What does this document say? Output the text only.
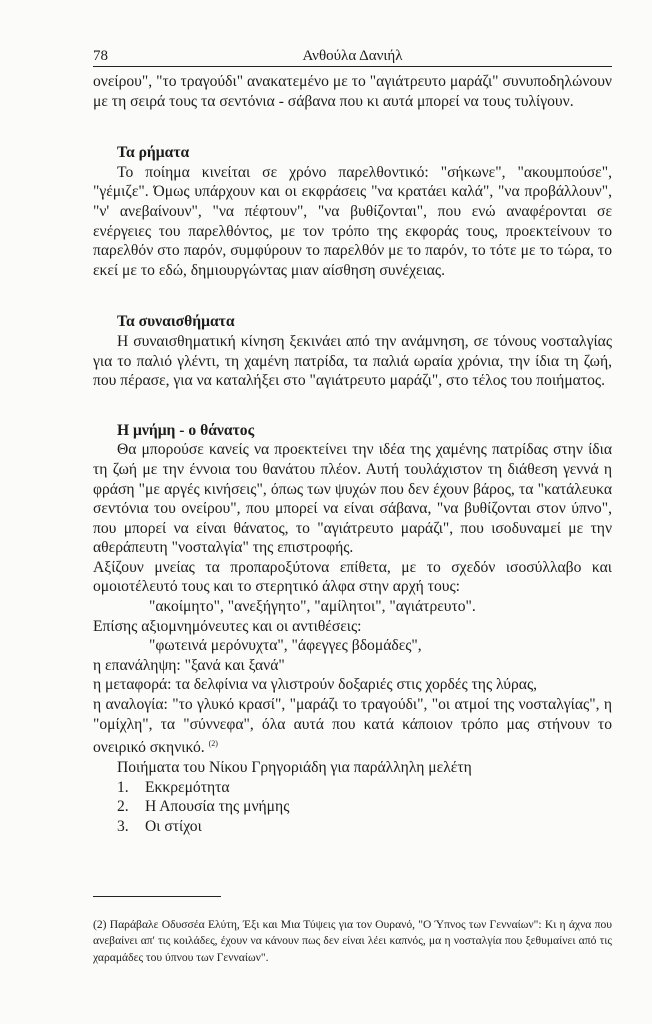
78	Ανθούλα Δανιήλ

ονείρου", "το τραγούδι" ανακατεμένο με το "αγιάτρευτο μαράζι" συνυποδηλώνουν με τη σειρά τους τα σεντόνια - σάβανα που κι αυτά μπορεί να τους τυλίγουν.

Τα ρήματα

Το ποίημα κινείται σε χρόνο παρελθοντικό: "σήκωνε", "ακουμπούσε", "γέμιζε". Όμως υπάρχουν και οι εκφράσεις "να κρατάει καλά", "να προβάλλουν", "ν' ανεβαίνουν", "να πέφτουν", "να βυθίζονται", που ενώ αναφέρονται σε ενέργειες του παρελθόντος, με τον τρόπο της εκφοράς τους, προεκτείνουν το παρελθόν στο παρόν, συμφύρουν το παρελθόν με το παρόν, το τότε με το τώρα, το εκεί με το εδώ, δημιουργώντας μιαν αίσθηση συνέχειας.

Τα συναισθήματα

Η συναισθηματική κίνηση ξεκινάει από την ανάμνηση, σε τόνους νοσταλγίας για το παλιό γλέντι, τη χαμένη πατρίδα, τα παλιά ωραία χρόνια, την ίδια τη ζωή, που πέρασε, για να καταλήξει στο "αγιάτρευτο μαράζι", στο τέλος του ποιήματος.

Η μνήμη - ο θάνατος

Θα μπορούσε κανείς να προεκτείνει την ιδέα της χαμένης πατρίδας στην ίδια τη ζωή με την έννοια του θανάτου πλέον. Αυτή τουλάχιστον τη διάθεση γεννά η φράση "με αργές κινήσεις", όπως των ψυχών που δεν έχουν βάρος, τα "κατάλευκα σεντόνια του ονείρου", που μπορεί να είναι σάβανα, "να βυθίζονται στον ύπνο", που μπορεί να είναι θάνατος, το "αγιάτρευτο μαράζι", που ισοδυναμεί με την αθεράπευτη "νοσταλγία" της επιστροφής.

Αξίζουν μνείας τα προπαροξύτονα επίθετα, με το σχεδόν ισοσύλλαβο και ομοιοτέλευτό τους και το στερητικό άλφα στην αρχή τους:

"ακοίμητο", "ανεξήγητο", "αμίλητοι", "αγιάτρευτο".

Επίσης αξιομνημόνευτες και οι αντιθέσεις:

"φωτεινά μερόνυχτα", "άφεγγες βδομάδες",

η επανάληψη: "ξανά και ξανά"

η μεταφορά: τα δελφίνια να γλιστρούν δοξαριές στις χορδές της λύρας,

η αναλογία: "το γλυκό κρασί", "μαράζι το τραγούδι", "οι ατμοί της νοσταλγίας", η "ομίχλη", τα "σύννεφα", όλα αυτά που κατά κάποιον τρόπο μας στήνουν το ονειρικό σκηνικό. $^{(2)}$

Ποιήματα του Νίκου Γρηγοριάδη για παράλληλη μελέτη

1. Εκκρεμότητα
2. Η Απουσία της μνήμης
3. Οι στίχοι

(2) Παράβαλε Οδυσσέα Ελύτη, Έξι και Μια Τύψεις για τον Ουρανό, "Ο Ύπνος των Γενναίων": Κι η άχνα που ανεβαίνει απ' τις κοιλάδες, έχουν να κάνουν πως δεν είναι λέει καπνός, μα η νοσταλγία που ξεθυμαίνει από τις χαραμάδες του ύπνου των Γενναίων".
